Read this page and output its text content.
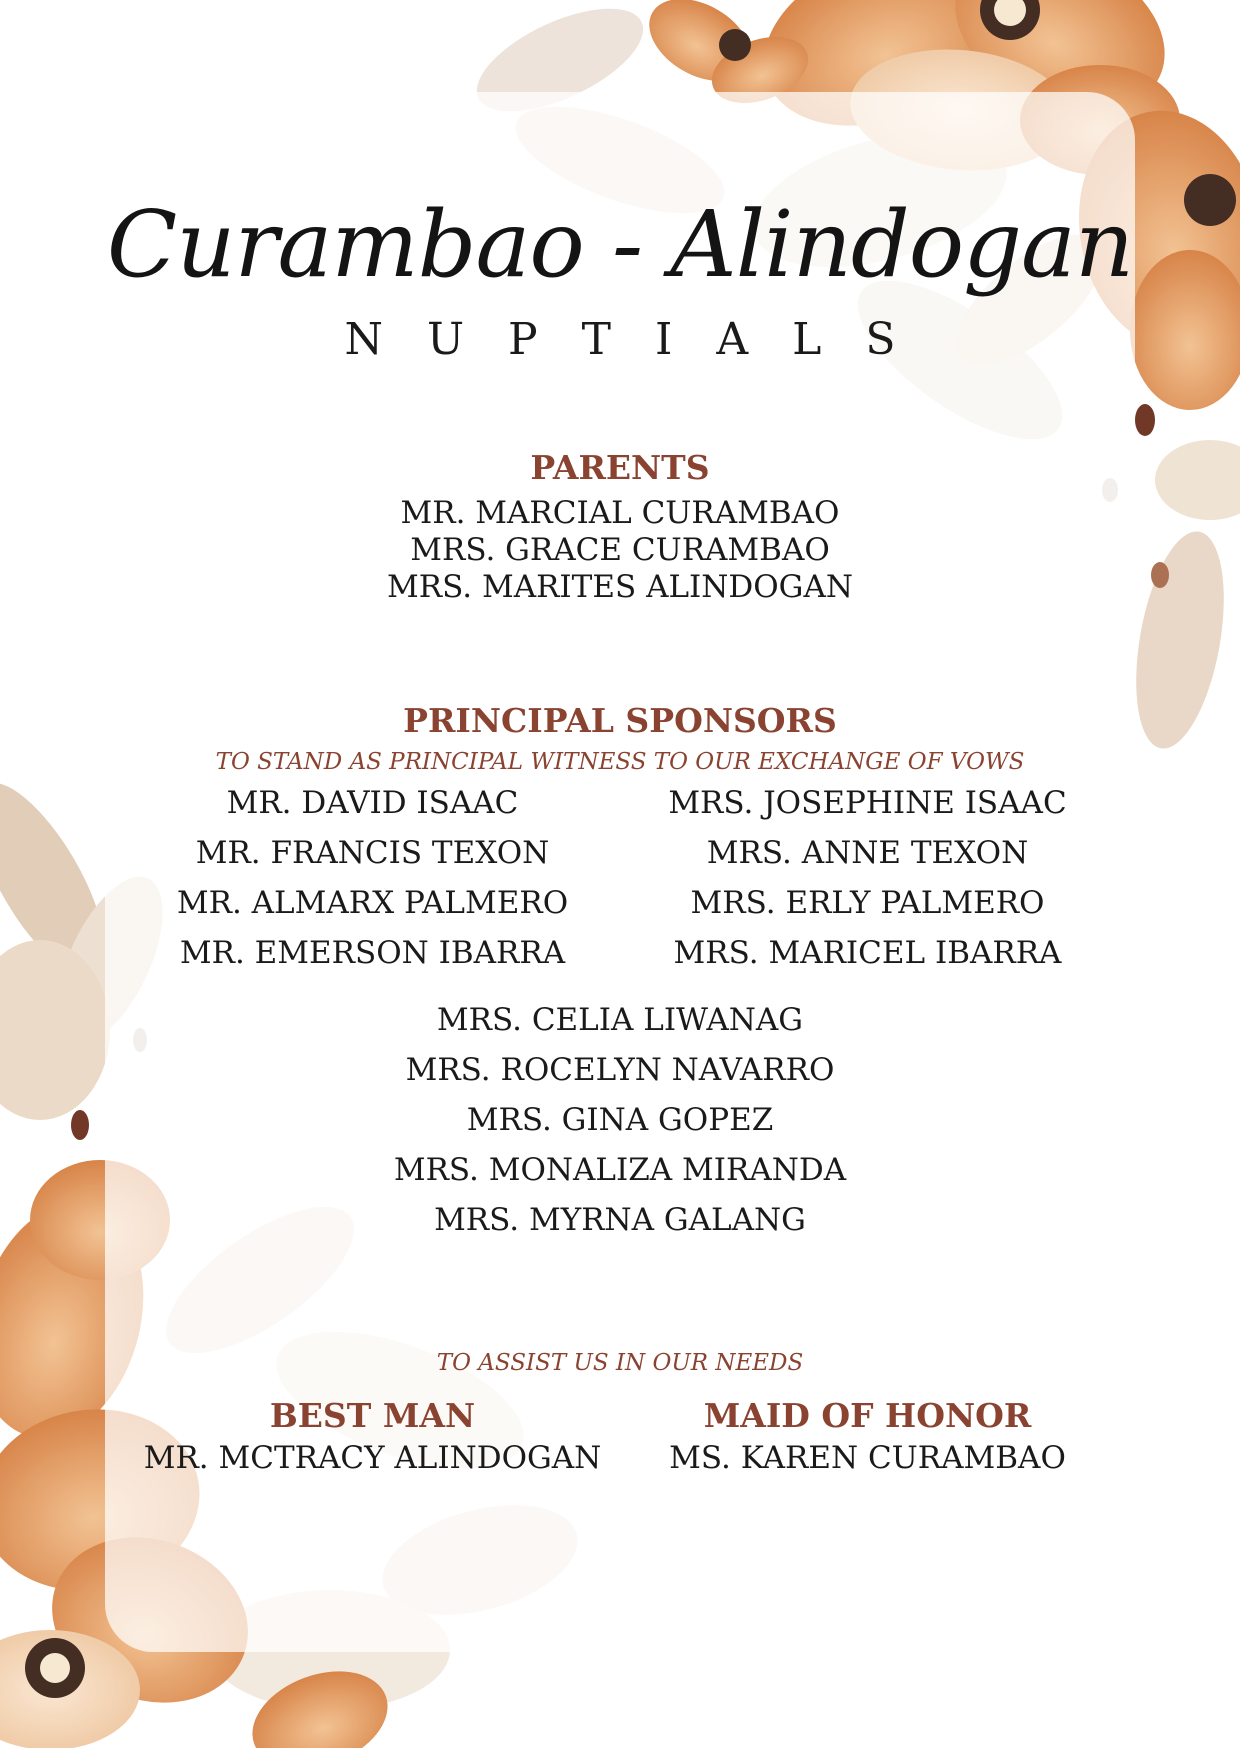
Curambao - Alindogan
NUPTIALS
PARENTS
MR. MARCIAL CURAMBAO
MRS. GRACE CURAMBAO
MRS. MARITES ALINDOGAN
PRINCIPAL SPONSORS
TO STAND AS PRINCIPAL WITNESS TO OUR EXCHANGE OF VOWS
MR. DAVID ISAAC
MR. FRANCIS TEXON
MR. ALMARX PALMERO
MR. EMERSON IBARRA
MRS. JOSEPHINE ISAAC
MRS. ANNE TEXON
MRS. ERLY PALMERO
MRS. MARICEL IBARRA
MRS. CELIA LIWANAG
MRS. ROCELYN NAVARRO
MRS. GINA GOPEZ
MRS. MONALIZA MIRANDA
MRS. MYRNA GALANG
TO ASSIST US IN OUR NEEDS
BEST MAN
MR. MCTRACY ALINDOGAN
MAID OF HONOR
MS. KAREN CURAMBAO
